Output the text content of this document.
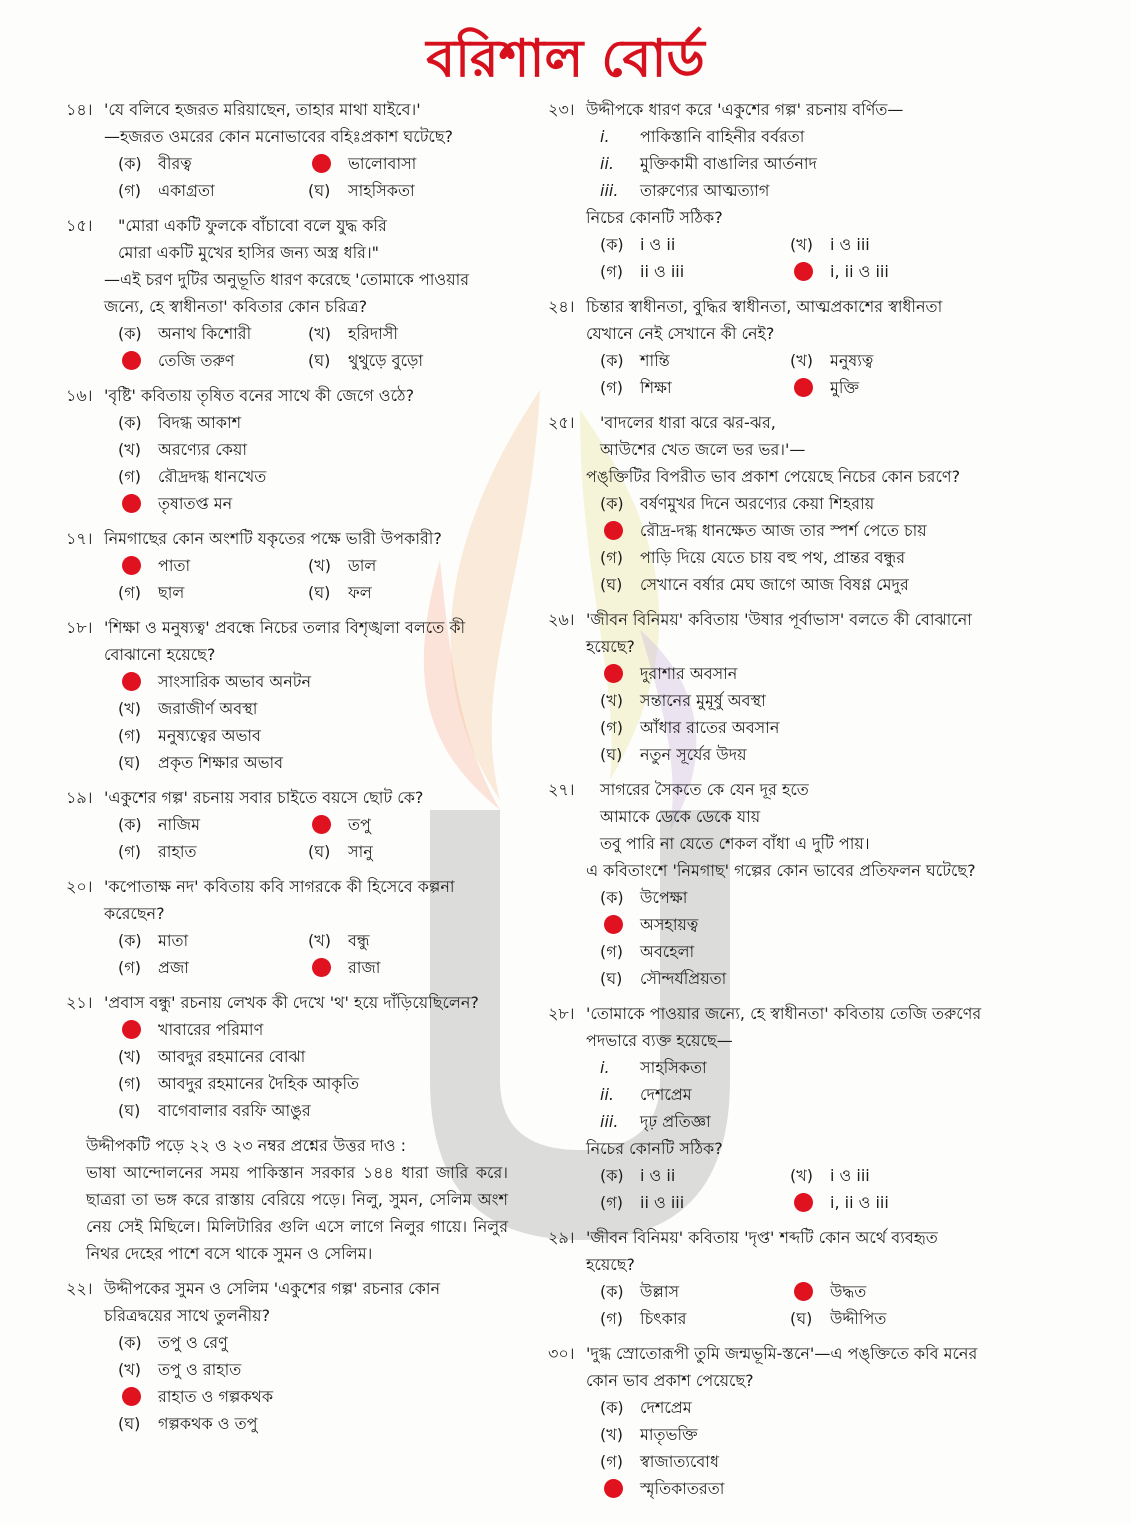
বরিশাল বোর্ড
১৪। 'যে বলিবে হজরত মরিয়াছেন, তাহার মাথা যাইবে।'
—হজরত ওমরের কোন মনোভাবের বহিঃপ্রকাশ ঘটেছে?
(ক)	বীরত্ব	ভালোবাসা
(গ)	একাগ্রতা	(ঘ)	সাহসিকতা
১৫।	"মোরা একটি ফুলকে বাঁচাবো বলে যুদ্ধ করি
মোরা একটি মুখের হাসির জন্য অস্ত্র ধরি।"
—এই চরণ দুটির অনুভূতি ধারণ করেছে 'তোমাকে পাওয়ার জন্যে, হে স্বাধীনতা' কবিতার কোন চরিত্র?
(ক)	অনাথ কিশোরী	(খ)	হরিদাসী
তেজি তরুণ	(ঘ)	থুথুড়ে বুড়ো
১৬। 'বৃষ্টি' কবিতায় তৃষিত বনের সাথে কী জেগে ওঠে?
(ক)	বিদগ্ধ আকাশ
(খ)	অরণ্যের কেয়া
(গ)	রৌদ্রদগ্ধ ধানখেত
তৃষাতপ্ত মন
১৭। নিমগাছের কোন অংশটি যকৃতের পক্ষে ভারী উপকারী?
পাতা	(খ)	ডাল
(গ)	ছাল	(ঘ)	ফল
১৮। 'শিক্ষা ও মনুষ্যত্ব' প্রবন্ধে নিচের তলার বিশৃঙ্খলা বলতে কী বোঝানো হয়েছে?
সাংসারিক অভাব অনটন
(খ)	জরাজীর্ণ অবস্থা
(গ)	মনুষ্যত্বের অভাব
(ঘ)	প্রকৃত শিক্ষার অভাব
১৯। 'একুশের গল্প' রচনায় সবার চাইতে বয়সে ছোট কে?
(ক)	নাজিম	তপু
(গ)	রাহাত	(ঘ)	সানু
২০। 'কপোতাক্ষ নদ' কবিতায় কবি সাগরকে কী হিসেবে কল্পনা করেছেন?
(ক)	মাতা	(খ)	বন্ধু
(গ)	প্রজা	রাজা
২১। 'প্রবাস বন্ধু' রচনায় লেখক কী দেখে 'থ' হয়ে দাঁড়িয়েছিলেন?
খাবারের পরিমাণ
(খ)	আবদুর রহমানের বোঝা
(গ)	আবদুর রহমানের দৈহিক আকৃতি
(ঘ)	বাগেবালার বরফি আঙুর
উদ্দীপকটি পড়ে ২২ ও ২৩ নম্বর প্রশ্নের উত্তর দাও :
ভাষা আন্দোলনের সময় পাকিস্তান সরকার ১৪৪ ধারা জারি করে। ছাত্ররা তা ভঙ্গ করে রাস্তায় বেরিয়ে পড়ে। নিলু, সুমন, সেলিম অংশ নেয় সেই মিছিলে। মিলিটারির গুলি এসে লাগে নিলুর গায়ে। নিলুর নিথর দেহের পাশে বসে থাকে সুমন ও সেলিম।
২২। উদ্দীপকের সুমন ও সেলিম 'একুশের গল্প' রচনার কোন চরিত্রদ্বয়ের সাথে তুলনীয়?
(ক)	তপু ও রেণু
(খ)	তপু ও রাহাত
রাহাত ও গল্পকথক
(ঘ)	গল্পকথক ও তপু
২৩। উদ্দীপকে ধারণ করে 'একুশের গল্প' রচনায় বর্ণিত—
i.	পাকিস্তানি বাহিনীর বর্বরতা
ii.	মুক্তিকামী বাঙালির আর্তনাদ
iii.	তারুণ্যের আত্মত্যাগ
নিচের কোনটি সঠিক?
(ক)	i ও ii	(খ)	i ও iii
(গ)	ii ও iii	i, ii ও iii
২৪। চিন্তার স্বাধীনতা, বুদ্ধির স্বাধীনতা, আত্মপ্রকাশের স্বাধীনতা যেখানে নেই সেখানে কী নেই?
(ক)	শান্তি	(খ)	মনুষ্যত্ব
(গ)	শিক্ষা	মুক্তি
২৫।	'বাদলের ধারা ঝরে ঝর-ঝর,
আউশের খেত জলে ভর ভর।'—
পঙ্‌ক্তিটির বিপরীত ভাব প্রকাশ পেয়েছে নিচের কোন চরণে?
(ক)	বর্ষণমুখর দিনে অরণ্যের কেয়া শিহরায়
রৌদ্র-দগ্ধ ধানক্ষেত আজ তার স্পর্শ পেতে চায়
(গ)	পাড়ি দিয়ে যেতে চায় বহু পথ, প্রান্তর বন্ধুর
(ঘ)	সেখানে বর্ষার মেঘ জাগে আজ বিষণ্ণ মেদুর
২৬। 'জীবন বিনিময়' কবিতায় 'উষার পূর্বাভাস' বলতে কী বোঝানো হয়েছে?
দুরাশার অবসান
(খ)	সন্তানের মুমূর্ষু অবস্থা
(গ)	আঁধার রাতের অবসান
(ঘ)	নতুন সূর্যের উদয়
২৭।	সাগরের সৈকতে কে যেন দূর হতে
আমাকে ডেকে ডেকে যায়
তবু পারি না যেতে শেকল বাঁধা এ দুটি পায়।
এ কবিতাংশে 'নিমগাছ' গল্পের কোন ভাবের প্রতিফলন ঘটেছে?
(ক)	উপেক্ষা
অসহায়ত্ব
(গ)	অবহেলা
(ঘ)	সৌন্দর্যপ্রিয়তা
২৮। 'তোমাকে পাওয়ার জন্যে, হে স্বাধীনতা' কবিতায় তেজি তরুণের পদভারে ব্যক্ত হয়েছে—
i.	সাহসিকতা
ii.	দেশপ্রেম
iii.	দৃঢ় প্রতিজ্ঞা
নিচের কোনটি সঠিক?
(ক)	i ও ii	(খ)	i ও iii
(গ)	ii ও iii	i, ii ও iii
২৯। 'জীবন বিনিময়' কবিতায় 'দৃপ্ত' শব্দটি কোন অর্থে ব্যবহৃত হয়েছে?
(ক)	উল্লাস	উদ্ধত
(গ)	চিৎকার	(ঘ)	উদ্দীপিত
৩০। 'দুগ্ধ স্রোতোরূপী তুমি জন্মভূমি-স্তনে'—এ পঙ্‌ক্তিতে কবি মনের কোন ভাব প্রকাশ পেয়েছে?
(ক)	দেশপ্রেম
(খ)	মাতৃভক্তি
(গ)	স্বাজাত্যবোধ
স্মৃতিকাতরতা
